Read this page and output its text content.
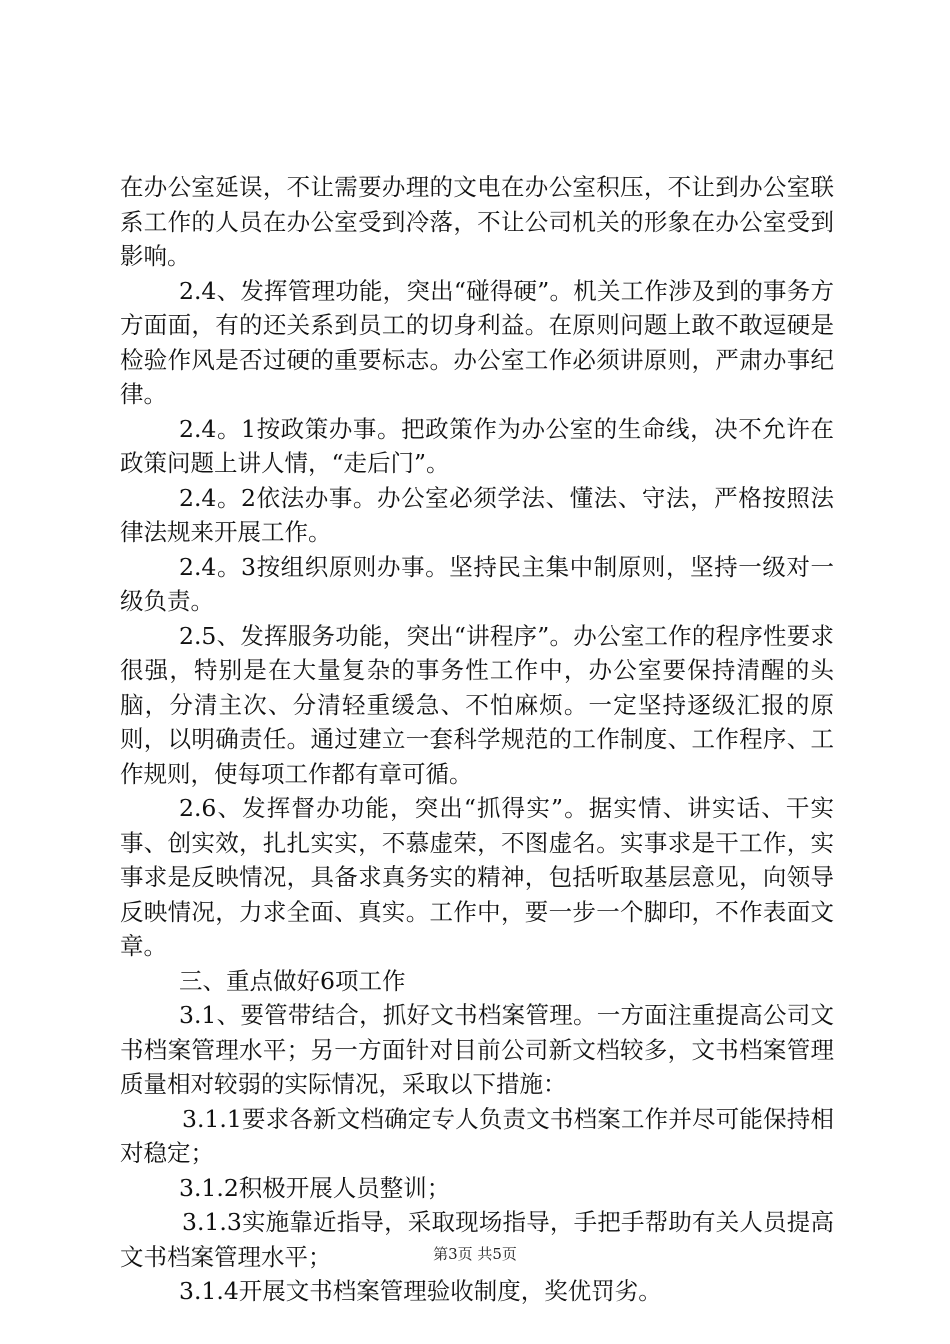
在办公室延误，不让需要办理的文电在办公室积压，不让到办公室联系工作的人员在办公室受到冷落，不让公司机关的形象在办公室受到影响。

2.4、发挥管理功能，突出“碰得硬”。机关工作涉及到的事务方方面面，有的还关系到员工的切身利益。在原则问题上敢不敢逗硬是检验作风是否过硬的重要标志。办公室工作必须讲原则，严肃办事纪律。

2.4。1按政策办事。把政策作为办公室的生命线，决不允许在政策问题上讲人情，“走后门”。

2.4。2依法办事。办公室必须学法、懂法、守法，严格按照法律法规来开展工作。

2.4。3按组织原则办事。坚持民主集中制原则，坚持一级对一级负责。

2.5、发挥服务功能，突出“讲程序”。办公室工作的程序性要求很强，特别是在大量复杂的事务性工作中，办公室要保持清醒的头脑，分清主次、分清轻重缓急、不怕麻烦。一定坚持逐级汇报的原则，以明确责任。通过建立一套科学规范的工作制度、工作程序、工作规则，使每项工作都有章可循。

2.6、发挥督办功能，突出“抓得实”。据实情、讲实话、干实事、创实效，扎扎实实，不慕虚荣，不图虚名。实事求是干工作，实事求是反映情况，具备求真务实的精神，包括听取基层意见，向领导反映情况，力求全面、真实。工作中，要一步一个脚印，不作表面文章。

三、重点做好6项工作

3.1、要管带结合，抓好文书档案管理。一方面注重提高公司文书档案管理水平；另一方面针对目前公司新文档较多，文书档案管理质量相对较弱的实际情况，采取以下措施：

3.1.1要求各新文档确定专人负责文书档案工作并尽可能保持相对稳定；

3.1.2积极开展人员整训；

3.1.3实施靠近指导，采取现场指导，手把手帮助有关人员提高文书档案管理水平；

3.1.4开展文书档案管理验收制度，奖优罚劣。

第3页 共5页
